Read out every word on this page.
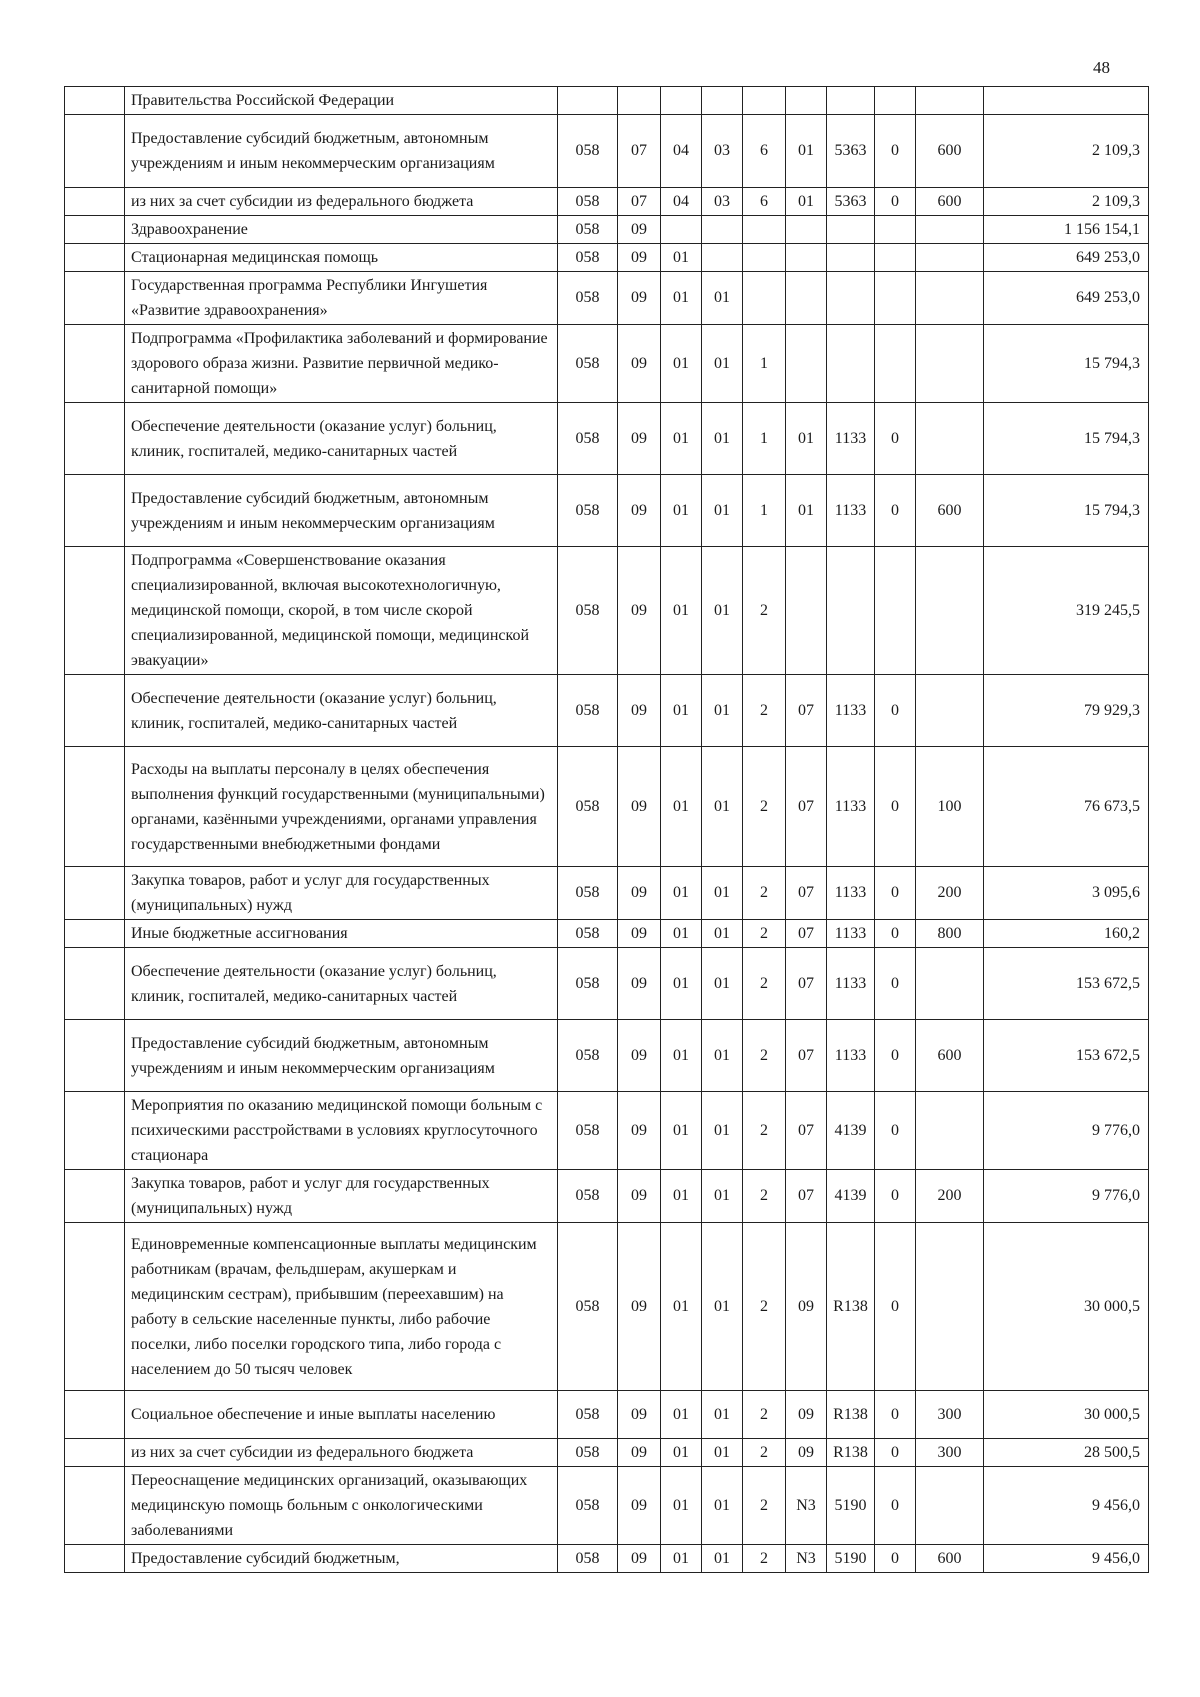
48
	Правительства Российской Федерации										
	Предоставление субсидий бюджетным, автономным учреждениям и иным некоммерческим организациям	058	07	04	03	6	01	5363	0	600	2 109,3
	из них за счет субсидии из федерального бюджета	058	07	04	03	6	01	5363	0	600	2 109,3
	Здравоохранение	058	09								1 156 154,1
	Стационарная медицинская помощь	058	09	01							649 253,0
	Государственная программа Республики Ингушетия «Развитие здравоохранения»	058	09	01	01						649 253,0
	Подпрограмма «Профилактика заболеваний и формирование здорового образа жизни. Развитие первичной медико-санитарной помощи»	058	09	01	01	1					15 794,3
	Обеспечение деятельности (оказание услуг) больниц, клиник, госпиталей, медико-санитарных частей	058	09	01	01	1	01	1133	0		15 794,3
	Предоставление субсидий бюджетным, автономным учреждениям и иным некоммерческим организациям	058	09	01	01	1	01	1133	0	600	15 794,3
	Подпрограмма «Совершенствование оказания специализированной, включая высокотехнологичную, медицинской помощи, скорой, в том числе скорой специализированной, медицинской помощи, медицинской эвакуации»	058	09	01	01	2					319 245,5
	Обеспечение деятельности (оказание услуг) больниц, клиник, госпиталей, медико-санитарных частей	058	09	01	01	2	07	1133	0		79 929,3
	Расходы на выплаты персоналу в целях обеспечения выполнения функций государственными (муниципальными) органами, казёнными учреждениями, органами управления государственными внебюджетными фондами	058	09	01	01	2	07	1133	0	100	76 673,5
	Закупка товаров, работ и услуг для государственных (муниципальных) нужд	058	09	01	01	2	07	1133	0	200	3 095,6
	Иные бюджетные ассигнования	058	09	01	01	2	07	1133	0	800	160,2
	Обеспечение деятельности (оказание услуг) больниц, клиник, госпиталей, медико-санитарных частей	058	09	01	01	2	07	1133	0		153 672,5
	Предоставление субсидий бюджетным, автономным учреждениям и иным некоммерческим организациям	058	09	01	01	2	07	1133	0	600	153 672,5
	Мероприятия по оказанию медицинской помощи больным с психическими расстройствами в условиях круглосуточного стационара	058	09	01	01	2	07	4139	0		9 776,0
	Закупка товаров, работ и услуг для государственных (муниципальных) нужд	058	09	01	01	2	07	4139	0	200	9 776,0
	Единовременные компенсационные выплаты медицинским работникам (врачам, фельдшерам, акушеркам и медицинским сестрам), прибывшим (переехавшим) на работу в сельские населенные пункты, либо рабочие поселки, либо поселки городского типа, либо города с населением до 50 тысяч человек	058	09	01	01	2	09	R138	0		30 000,5
	Социальное обеспечение и иные выплаты населению	058	09	01	01	2	09	R138	0	300	30 000,5
	из них за счет субсидии из федерального бюджета	058	09	01	01	2	09	R138	0	300	28 500,5
	Переоснащение медицинских организаций, оказывающих медицинскую помощь больным с онкологическими заболеваниями	058	09	01	01	2	N3	5190	0		9 456,0
	Предоставление субсидий бюджетным,	058	09	01	01	2	N3	5190	0	600	9 456,0
